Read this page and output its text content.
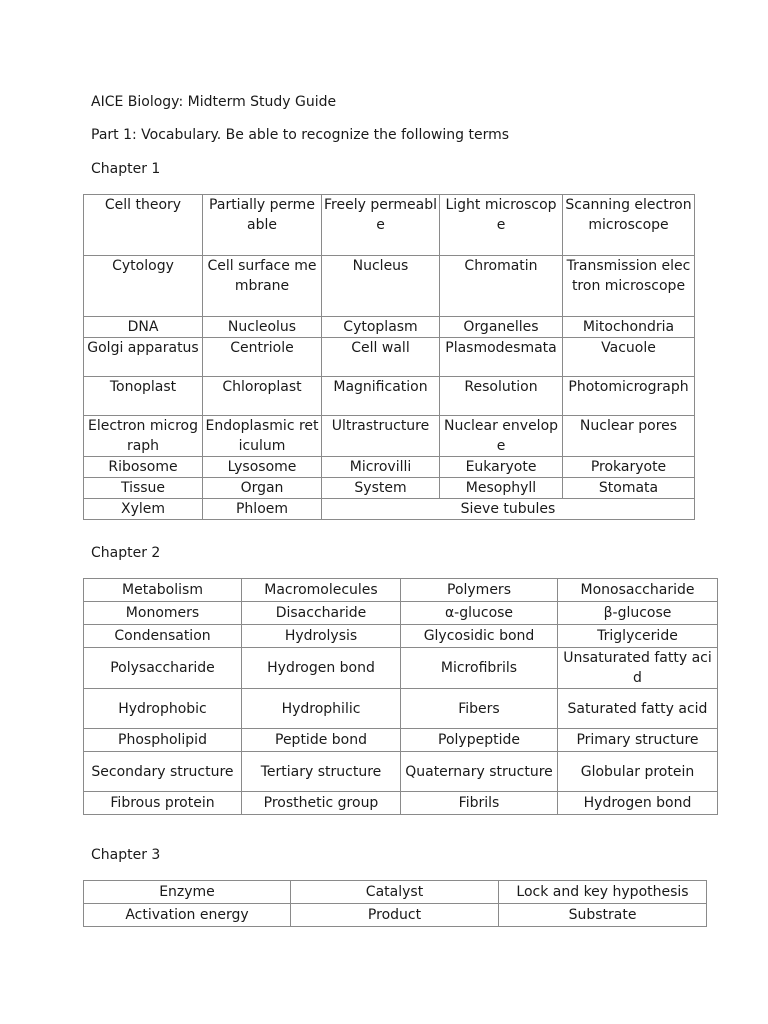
AICE Biology: Midterm Study Guide

Part 1: Vocabulary. Be able to recognize the following terms

Chapter 1

Cell theory	Partially permeable	Freely permeable	Light microscope	Scanning electron microscope
Cytology	Cell surface membrane	Nucleus	Chromatin	Transmission electron microscope
DNA	Nucleolus	Cytoplasm	Organelles	Mitochondria
Golgi apparatus	Centriole	Cell wall	Plasmodesmata	Vacuole
Tonoplast	Chloroplast	Magnification	Resolution	Photomicrograph
Electron micrograph	Endoplasmic reticulum	Ultrastructure	Nuclear envelope	Nuclear pores
Ribosome	Lysosome	Microvilli	Eukaryote	Prokaryote
Tissue	Organ	System	Mesophyll	Stomata
Xylem	Phloem	Sieve tubules		

Chapter 2

Metabolism	Macromolecules	Polymers	Monosaccharide
Monomers	Disaccharide	α-glucose	β-glucose
Condensation	Hydrolysis	Glycosidic bond	Triglyceride
Polysaccharide	Hydrogen bond	Microfibrils	Unsaturated fatty acid
Hydrophobic	Hydrophilic	Fibers	Saturated fatty acid
Phospholipid	Peptide bond	Polypeptide	Primary structure
Secondary structure	Tertiary structure	Quaternary structure	Globular protein
Fibrous protein	Prosthetic group	Fibrils	Hydrogen bond

Chapter 3

Enzyme	Catalyst	Lock and key hypothesis
Activation energy	Product	Substrate
